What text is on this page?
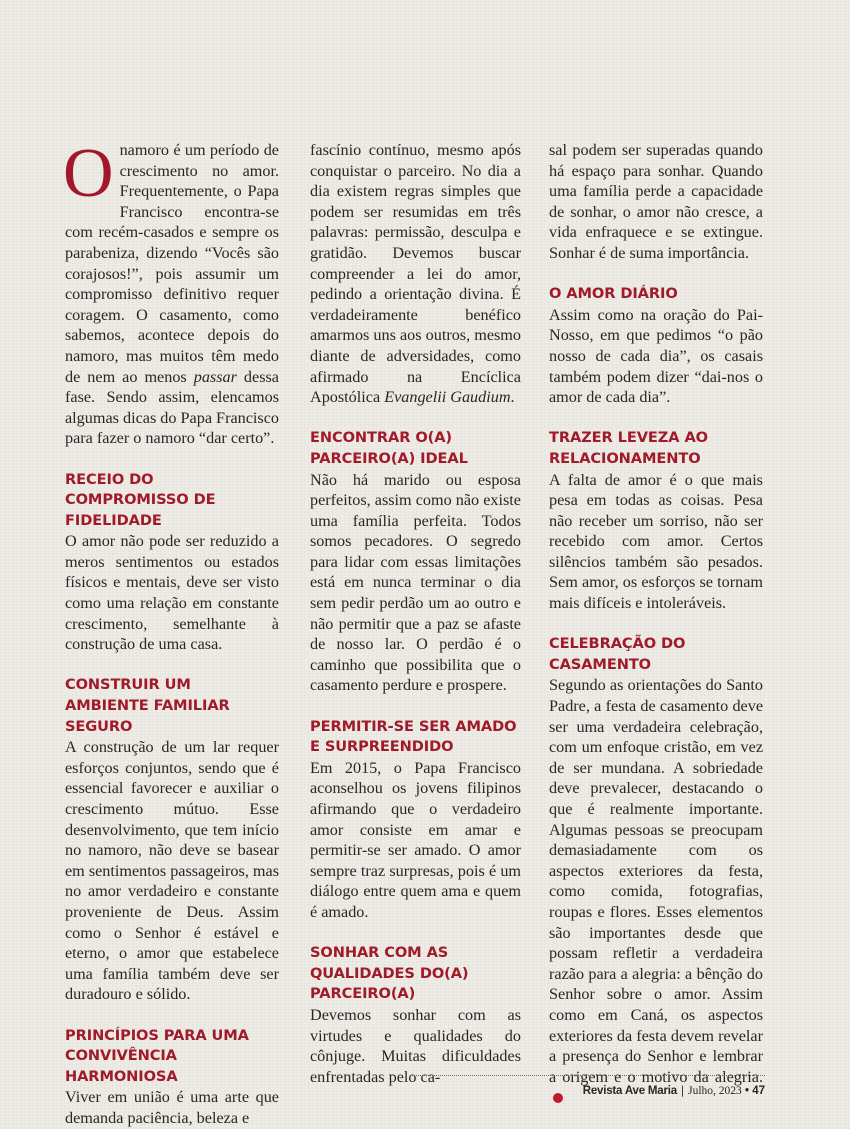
O namoro é um período de crescimento no amor. Frequentemente, o Papa Francisco encontra-se com recém-casados e sempre os parabeniza, dizendo “Vocês são corajosos!”, pois assumir um compromisso definitivo requer coragem. O casamento, como sabemos, acontece depois do namoro, mas muitos têm medo de nem ao menos passar dessa fase. Sendo assim, elencamos algumas dicas do Papa Francisco para fazer o namoro “dar certo”.

RECEIO DO COMPROMISSO DE FIDELIDADE

O amor não pode ser reduzido a meros sentimentos ou estados físicos e mentais, deve ser visto como uma relação em constante crescimento, semelhante à construção de uma casa.

CONSTRUIR UM AMBIENTE FAMILIAR SEGURO

A construção de um lar requer esforços conjuntos, sendo que é essencial favorecer e auxiliar o crescimento mútuo. Esse desenvolvimento, que tem início no namoro, não deve se basear em sentimentos passageiros, mas no amor verdadeiro e constante proveniente de Deus. Assim como o Senhor é estável e eterno, o amor que estabelece uma família também deve ser duradouro e sólido.

PRINCÍPIOS PARA UMA CONVIVÊNCIA HARMONIOSA

Viver em união é uma arte que demanda paciência, beleza e

fascínio contínuo, mesmo após conquistar o parceiro. No dia a dia existem regras simples que podem ser resumidas em três palavras: permissão, desculpa e gratidão. Devemos buscar compreender a lei do amor, pedindo a orientação divina. É verdadeiramente benéfico amarmos uns aos outros, mesmo diante de adversidades, como afirmado na Encíclica Apostólica Evangelii Gaudium.

ENCONTRAR O(A) PARCEIRO(A) IDEAL

Não há marido ou esposa perfeitos, assim como não existe uma família perfeita. Todos somos pecadores. O segredo para lidar com essas limitações está em nunca terminar o dia sem pedir perdão um ao outro e não permitir que a paz se afaste de nosso lar. O perdão é o caminho que possibilita que o casamento perdure e prospere.

PERMITIR-SE SER AMADO E SURPREENDIDO

Em 2015, o Papa Francisco aconselhou os jovens filipinos afirmando que o verdadeiro amor consiste em amar e permitir-se ser amado. O amor sempre traz surpresas, pois é um diálogo entre quem ama e quem é amado.

SONHAR COM AS QUALIDADES DO(A) PARCEIRO(A)

Devemos sonhar com as virtudes e qualidades do cônjuge. Muitas dificuldades enfrentadas pelo ca-

sal podem ser superadas quando há espaço para sonhar. Quando uma família perde a capacidade de sonhar, o amor não cresce, a vida enfraquece e se extingue. Sonhar é de suma importância.

O AMOR DIÁRIO

Assim como na oração do Pai-Nosso, em que pedimos “o pão nosso de cada dia”, os casais também podem dizer “dai-nos o amor de cada dia”.

TRAZER LEVEZA AO RELACIONAMENTO

A falta de amor é o que mais pesa em todas as coisas. Pesa não receber um sorriso, não ser recebido com amor. Certos silêncios também são pesados. Sem amor, os esforços se tornam mais difíceis e intoleráveis.

CELEBRAÇÃO DO CASAMENTO

Segundo as orientações do Santo Padre, a festa de casamento deve ser uma verdadeira celebração, com um enfoque cristão, em vez de ser mundana. A sobriedade deve prevalecer, destacando o que é realmente importante. Algumas pessoas se preocupam demasiadamente com os aspectos exteriores da festa, como comida, fotografias, roupas e flores. Esses elementos são importantes desde que possam refletir a verdadeira razão para a alegria: a bênção do Senhor sobre o amor. Assim como em Caná, os aspectos exteriores da festa devem revelar a presença do Senhor e lembrar a origem e o motivo da alegria.

Revista Ave Maria | Julho, 2023 • 47
